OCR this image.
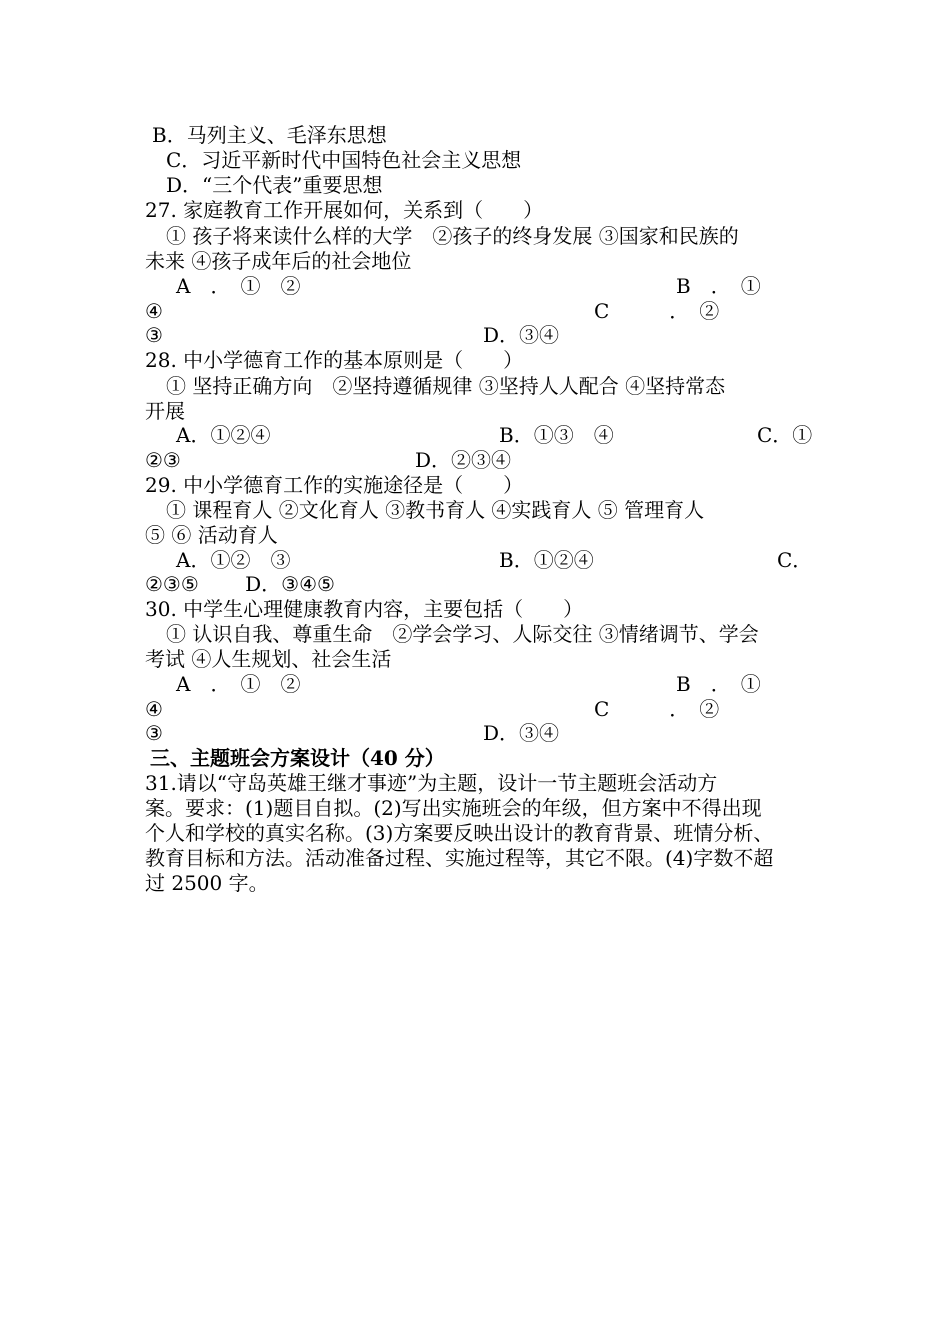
B．马列主义、毛泽东思想
C．习近平新时代中国特色社会主义思想
D．“三个代表”重要思想
27. 家庭教育工作开展如何，关系到（　　）
① 孩子将来读什么样的大学　②孩子的终身发展 ③国家和民族的
未来 ④孩子成年后的社会地位
A　．　①　②	B　．　①
④	C　　　．　②
③	D．③④
28. 中小学德育工作的基本原则是（　　）
① 坚持正确方向　②坚持遵循规律 ③坚持人人配合 ④坚持常态
开展
A．①②④	B．①③　④	C．①
②③	D．②③④
29. 中小学德育工作的实施途径是（　　）
① 课程育人 ②文化育人 ③教书育人 ④实践育人 ⑤ 管理育人
⑤ ⑥ 活动育人
A．①②　③	B．①②④	C．
②③⑤　　 D．③④⑤
30. 中学生心理健康教育内容，主要包括（　　）
① 认识自我、尊重生命　②学会学习、人际交往 ③情绪调节、学会
考试 ④人生规划、社会生活
A　．　①　②	B　．　①
④	C　　　．　②
③	D．③④
三、主题班会方案设计（40 分）
31.请以“守岛英雄王继才事迹”为主题，设计一节主题班会活动方
案。要求：(1)题目自拟。(2)写出实施班会的年级，但方案中不得出现
个人和学校的真实名称。(3)方案要反映出设计的教育背景、班情分析、
教育目标和方法。活动准备过程、实施过程等，其它不限。(4)字数不超
过 2500 字。
